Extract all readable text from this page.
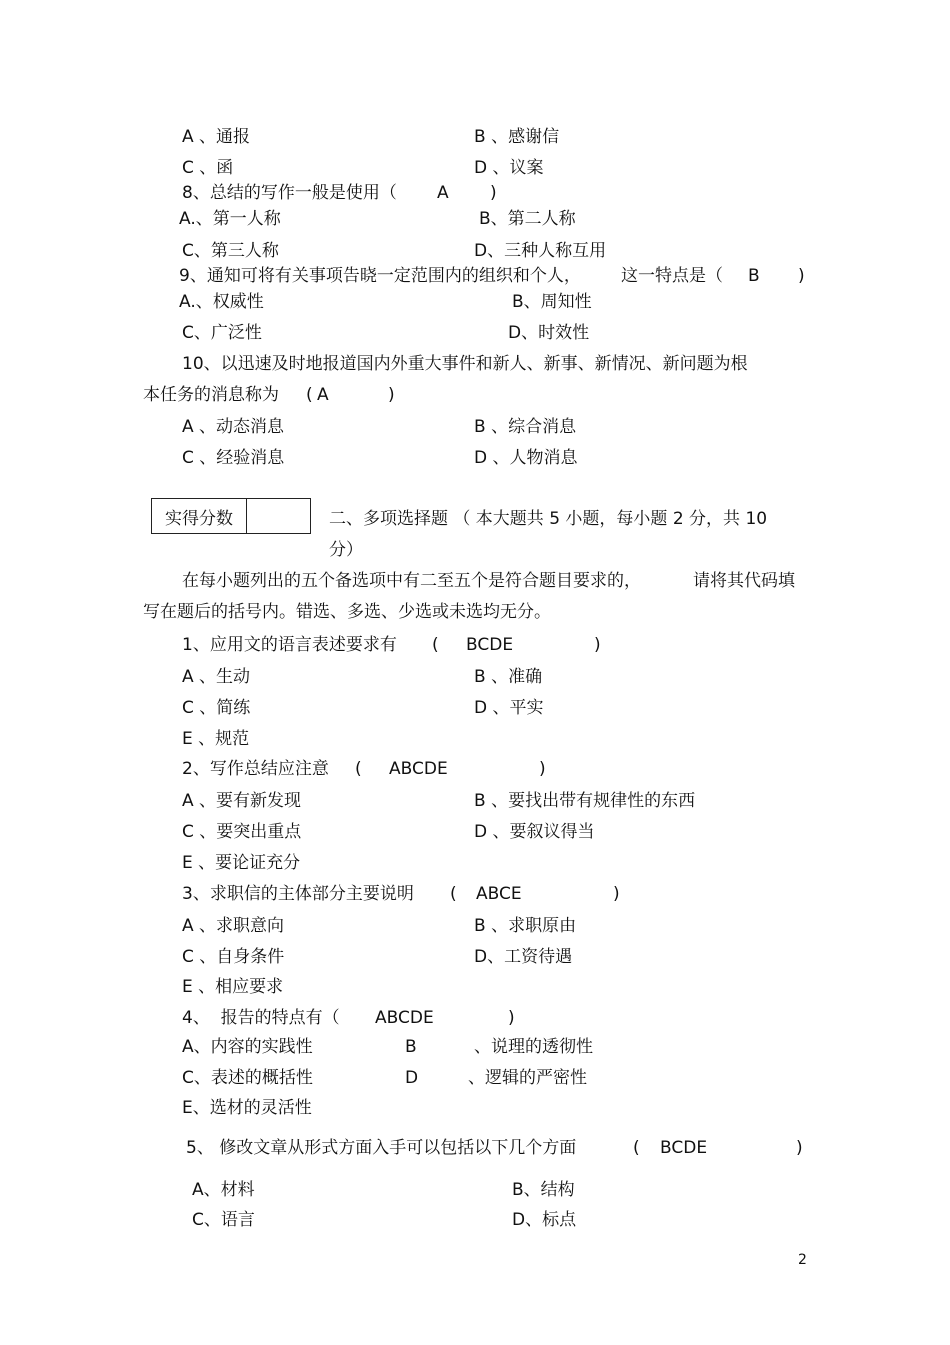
A 、通报	B 、感谢信
C 、函	D 、议案
8、总结的写作一般是使用（ A )
A.、第一人称	B、第二人称
C、第三人称	D、三种人称互用
9、通知可将有关事项告晓一定范围内的组织和个人， 这一特点是（ B )
A.、权威性	B、周知性
C、广泛性	D、时效性
10、以迅速及时地报道国内外重大事件和新人、新事、新情况、新问题为根
本任务的消息称为 ( A	)
A 、动态消息	B 、综合消息
C 、经验消息	D 、人物消息
实得分数	二、多项选择题 （ 本大题共 5 小题，每小题 2 分，共 10
分）
在每小题列出的五个备选项中有二至五个是符合题目要求的，	请将其代码填
写在题后的括号内。错选、多选、少选或未选均无分。
1、应用文的语言表述要求有 ( BCDE	)
A 、生动	B 、准确
C 、简练	D 、平实
E 、规范
2、写作总结应注意 ( ABCDE	)
A 、要有新发现	B 、要找出带有规律性的东西
C 、要突出重点	D 、要叙议得当
E 、要论证充分
3、求职信的主体部分主要说明 ( ABCE	)
A 、求职意向	B 、求职原由
C 、自身条件	D、工资待遇
E 、相应要求
4、  报告的特点有（ ABCDE	)
A、内容的实践性	B	、说理的透彻性
C、表述的概括性	D	、逻辑的严密性
E、选材的灵活性
5、 修改文章从形式方面入手可以包括以下几个方面	( BCDE	)
A、材料	B、结构
C、语言	D、标点
2
